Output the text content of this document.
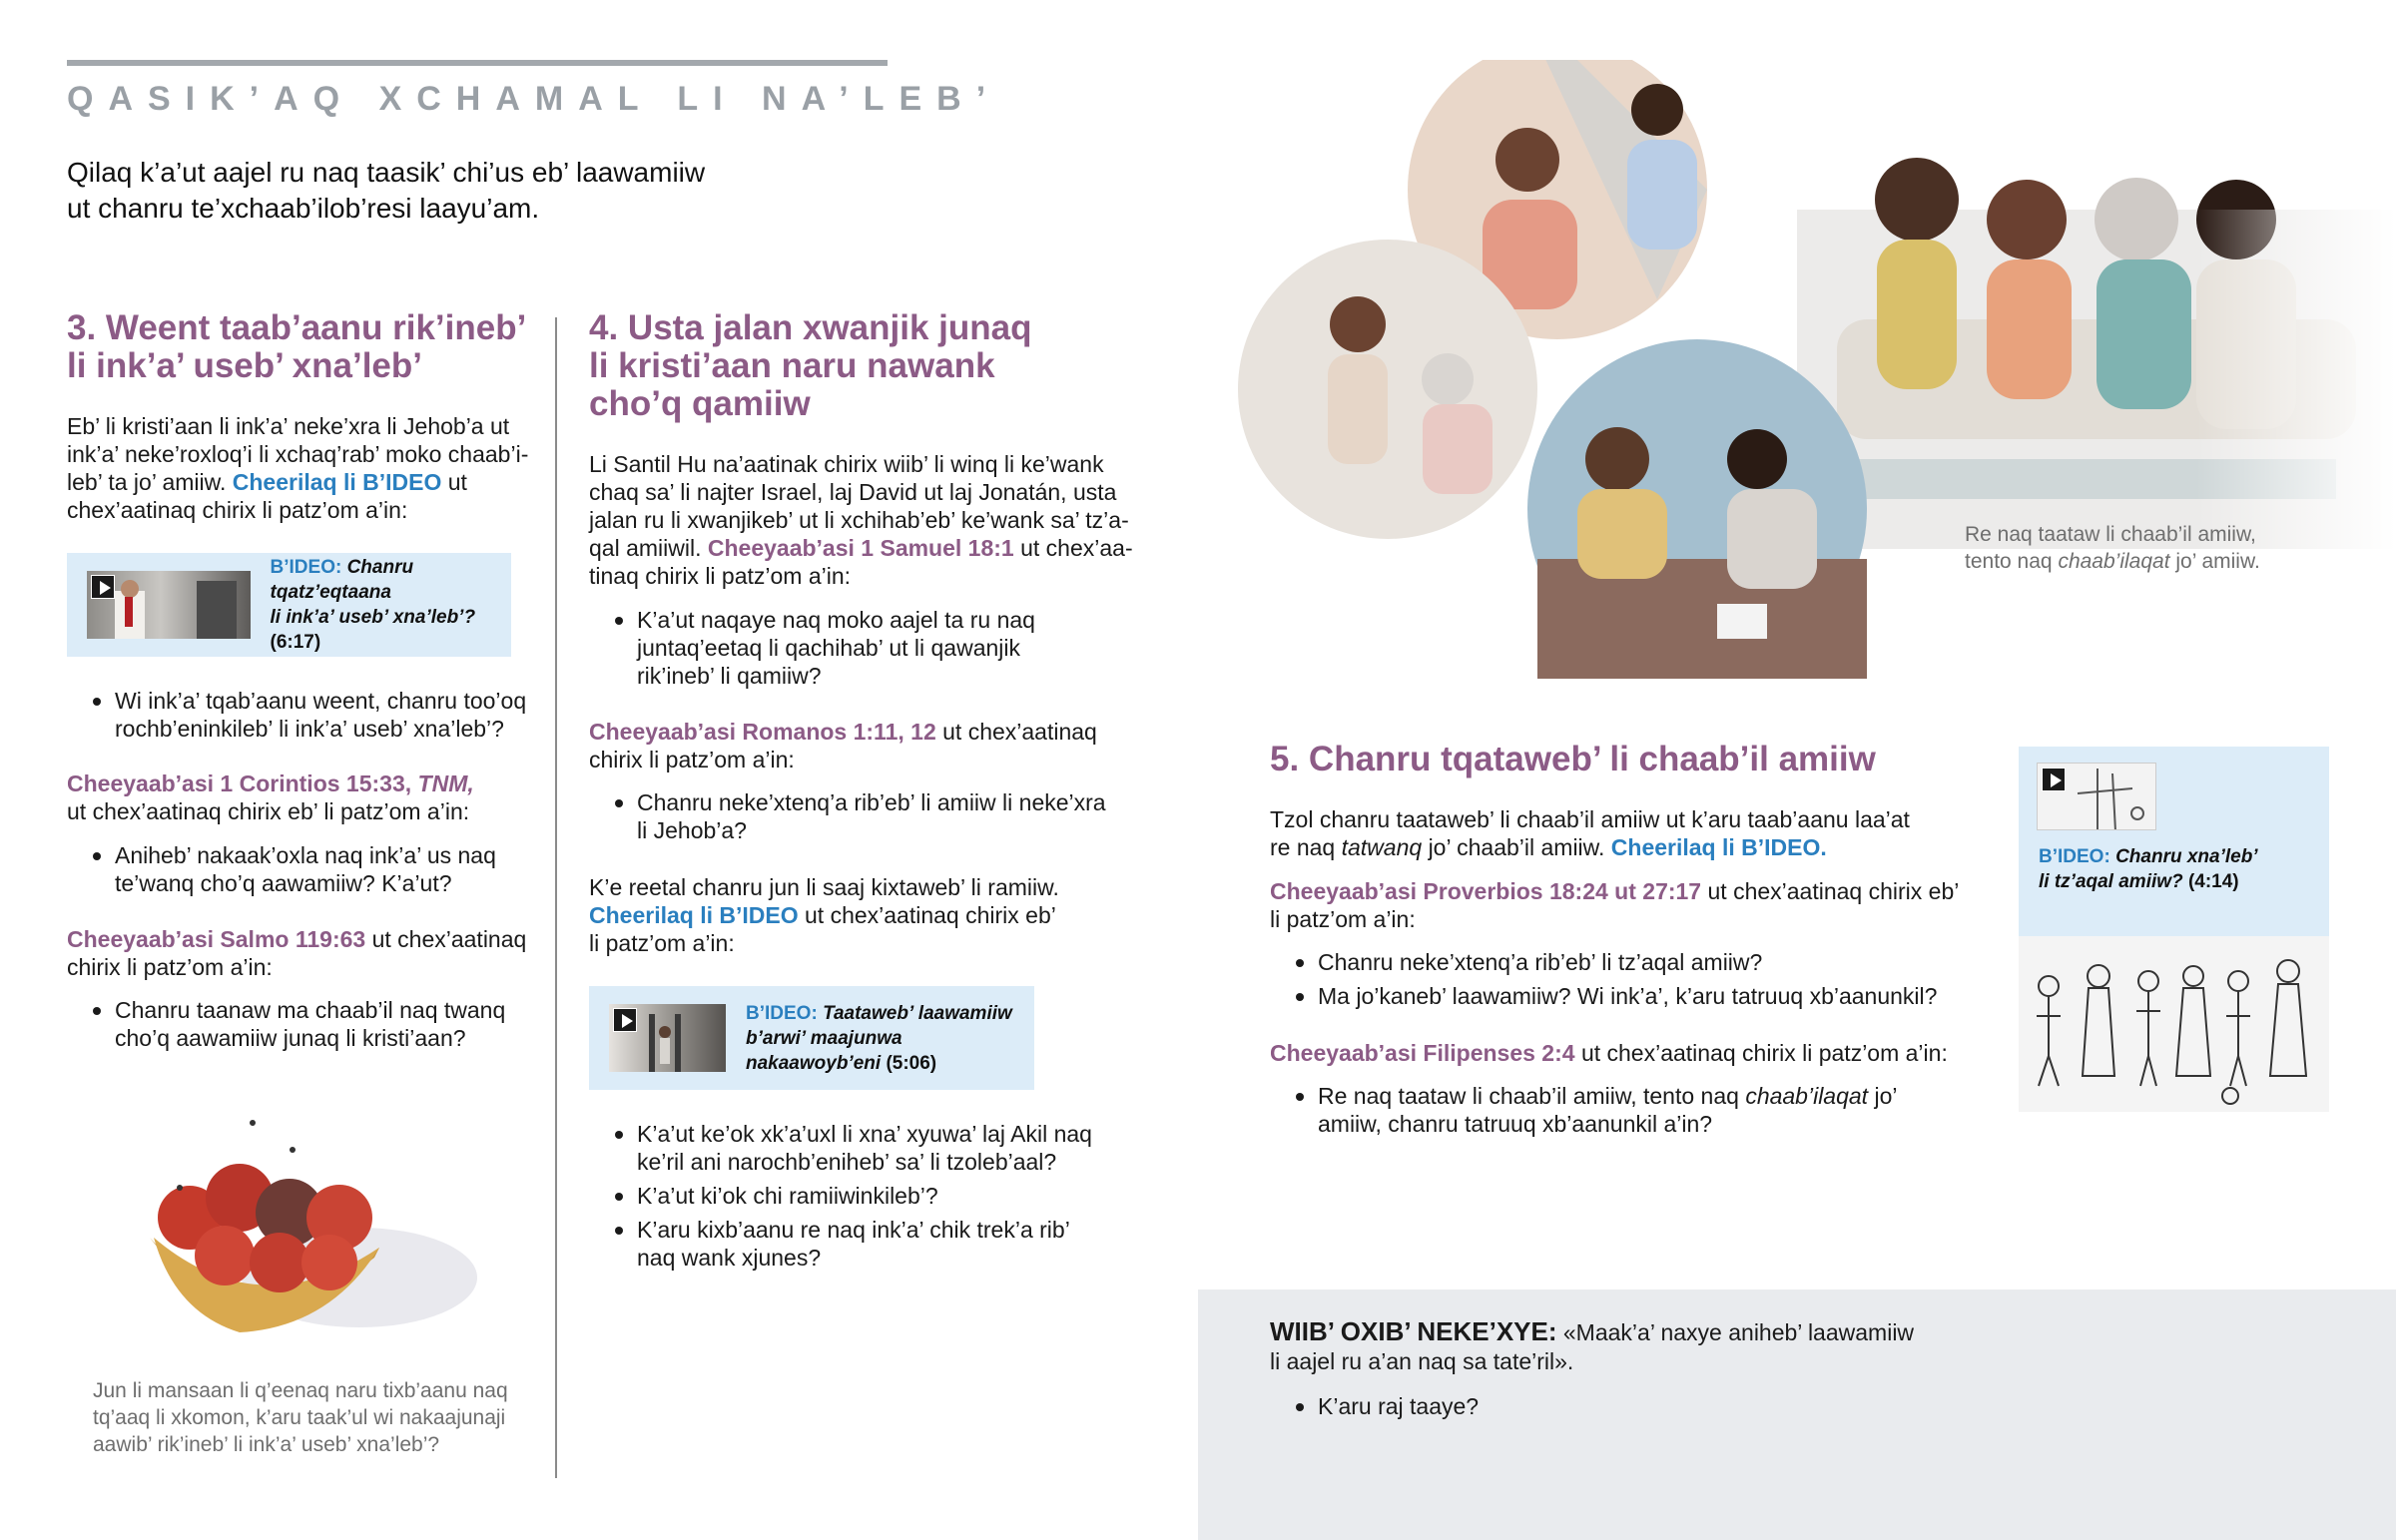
QASIK’AQ XCHAMAL LI NA’LEB’
Qilaq k’a’ut aajel ru naq taasik’ chi’us eb’ laawamiiw
ut chanru te’xchaab’ilob’resi laayu’am.
3. Weent taab’aanu rik’ineb’
li ink’a’ useb’ xna’leb’
Eb’ li kristi’aan li ink’a’ neke’xra li Jehob’a ut
ink’a’ neke’roxloq’i li xchaq’rab’ moko chaab’i-
leb’ ta jo’ amiiw. Cheerilaq li B’IDEO ut
chex’aatinaq chirix li patz’om a’in:
B’IDEO: Chanru tqatz’eqtaana
li ink’a’ useb’ xna’leb’? (6:17)
Wi ink’a’ tqab’aanu weent, chanru too’oq
rochb’eninkileb’ li ink’a’ useb’ xna’leb’?
Cheeyaab’asi 1 Corintios 15:33, TNM,
ut chex’aatinaq chirix eb’ li patz’om a’in:
Aniheb’ nakaak’oxla naq ink’a’ us naq
te’wanq cho’q aawamiiw? K’a’ut?
Cheeyaab’asi Salmo 119:63 ut chex’aatinaq
chirix li patz’om a’in:
Chanru taanaw ma chaab’il naq twanq
cho’q aawamiiw junaq li kristi’aan?
Jun li mansaan li q’eenaq naru tixb’aanu naq
tq’aaq li xkomon, k’aru taak’ul wi nakaajunaji
aawib’ rik’ineb’ li ink’a’ useb’ xna’leb’?
4. Usta jalan xwanjik junaq
li kristi’aan naru nawank
cho’q qamiiw
Li Santil Hu na’aatinak chirix wiib’ li winq li ke’wank
chaq sa’ li najter Israel, laj David ut laj Jonatán, usta
jalan ru li xwanjikeb’ ut li xchihab’eb’ ke’wank sa’ tz’a-
qal amiiwil. Cheeyaab’asi 1 Samuel 18:1 ut chex’aa-
tinaq chirix li patz’om a’in:
K’a’ut naqaye naq moko aajel ta ru naq
juntaq’eetaq li qachihab’ ut li qawanjik
rik’ineb’ li qamiiw?
Cheeyaab’asi Romanos 1:11, 12 ut chex’aatinaq
chirix li patz’om a’in:
Chanru neke’xtenq’a rib’eb’ li amiiw li neke’xra
li Jehob’a?
K’e reetal chanru jun li saaj kixtaweb’ li ramiiw.
Cheerilaq li B’IDEO ut chex’aatinaq chirix eb’
li patz’om a’in:
B’IDEO: Taataweb’ laawamiiw
b’arwi’ maajunwa
nakaawoyb’eni (5:06)
K’a’ut ke’ok xk’a’uxl li xna’ xyuwa’ laj Akil naq
ke’ril ani narochb’eniheb’ sa’ li tzoleb’aal?
K’a’ut ki’ok chi ramiiwinkileb’?
K’aru kixb’aanu re naq ink’a’ chik trek’a rib’
naq wank xjunes?
Re naq taataw li chaab’il amiiw,
tento naq chaab’ilaqat jo’ amiiw.
5. Chanru tqataweb’ li chaab’il amiiw
Tzol chanru taataweb’ li chaab’il amiiw ut k’aru taab’aanu laa’at
re naq tatwanq jo’ chaab’il amiiw. Cheerilaq li B’IDEO.
Cheeyaab’asi Proverbios 18:24 ut 27:17 ut chex’aatinaq chirix eb’
li patz’om a’in:
Chanru neke’xtenq’a rib’eb’ li tz’aqal amiiw?
Ma jo’kaneb’ laawamiiw? Wi ink’a’, k’aru tatruuq xb’aanunkil?
Cheeyaab’asi Filipenses 2:4 ut chex’aatinaq chirix li patz’om a’in:
Re naq taataw li chaab’il amiiw, tento naq chaab’ilaqat jo’
amiiw, chanru tatruuq xb’aanunkil a’in?
B’IDEO: Chanru xna’leb’
li tz’aqal amiiw? (4:14)
WIIB’ OXIB’ NEKE’XYE: «Maak’a’ naxye aniheb’ laawamiiw
li aajel ru a’an naq sa tate’ril».
K’aru raj taaye?
